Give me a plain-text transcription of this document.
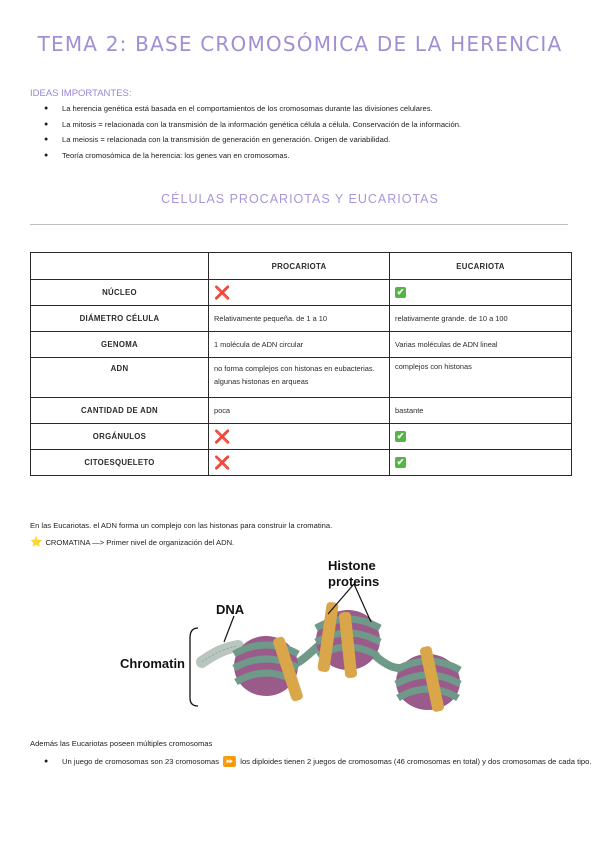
TEMA 2: BASE CROMOSÓMICA DE LA HERENCIA
IDEAS IMPORTANTES:
● La herencia genética está basada en el comportamientos de los cromosomas durante las divisiones celulares.
● La mitosis = relacionada con la transmisión de la información genética célula a célula. Conservación de la información.
● La meiosis = relacionada con la transmisión de generación en generación. Origen de variabilidad.
● Teoría cromosómica de la herencia: los genes van en cromosomas.
CÉLULAS PROCARIOTAS Y EUCARIOTAS
	PROCARIOTA	EUCARIOTA
NÚCLEO	❌	✔
DIÁMETRO CÉLULA	Relativamente pequeña. de 1 a 10	relativamente grande. de 10 a 100
GENOMA	1 molécula de ADN circular	Varias moléculas de ADN lineal
ADN	no forma complejos con histonas en eubacterias. algunas histonas en arqueas	complejos con histonas
CANTIDAD DE ADN	poca	bastante
ORGÁNULOS	❌	✔
CITOESQUELETO	❌	✔
En las Eucariotas. el ADN forma un complejo con las histonas para construir la cromatina.
⭐ CROMATINA —> Primer nivel de organización del ADN.
Histone
proteins
DNA
Chromatin
Además las Eucariotas poseen múltiples cromosomas
● Un juego de cromosomas son 23 cromosomas ⏩ los diploides tienen 2 juegos de cromosomas (46 cromosomas en total) y dos cromosomas de cada tipo.
